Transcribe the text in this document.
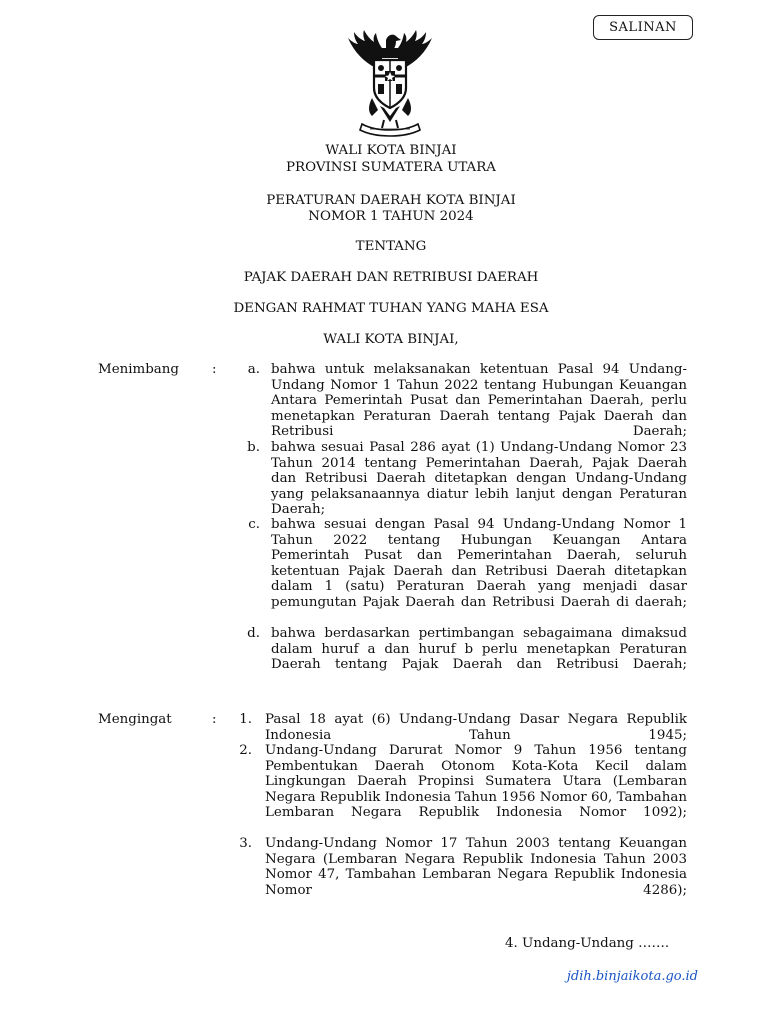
SALINAN
WALI KOTA BINJAI
PROVINSI SUMATERA UTARA
PERATURAN DAERAH KOTA BINJAI
NOMOR 1 TAHUN 2024
TENTANG
PAJAK DAERAH DAN RETRIBUSI DAERAH
DENGAN RAHMAT TUHAN YANG MAHA ESA
WALI KOTA BINJAI,
Menimbang :	a. bahwa untuk melaksanakan ketentuan Pasal 94 Undang-Undang Nomor 1 Tahun 2022 tentang Hubungan Keuangan Antara Pemerintah Pusat dan Pemerintahan Daerah, perlu menetapkan Peraturan Daerah tentang Pajak Daerah dan Retribusi Daerah;

b. bahwa sesuai Pasal 286 ayat (1) Undang-Undang Nomor 23 Tahun 2014 tentang Pemerintahan Daerah, Pajak Daerah dan Retribusi Daerah ditetapkan dengan Undang-Undang yang pelaksanaannya diatur lebih lanjut dengan Peraturan Daerah;

c. bahwa sesuai dengan Pasal 94 Undang-Undang Nomor 1 Tahun 2022 tentang Hubungan Keuangan Antara Pemerintah Pusat dan Pemerintahan Daerah, seluruh ketentuan Pajak Daerah dan Retribusi Daerah ditetapkan dalam 1 (satu) Peraturan Daerah yang menjadi dasar pemungutan Pajak Daerah dan Retribusi Daerah di daerah;

d. bahwa berdasarkan pertimbangan sebagaimana dimaksud dalam huruf a dan huruf b perlu menetapkan Peraturan Daerah tentang Pajak Daerah dan Retribusi Daerah;

Mengingat	:	1. Pasal 18 ayat (6) Undang-Undang Dasar Negara Republik Indonesia Tahun 1945;

2. Undang-Undang Darurat Nomor 9 Tahun 1956 tentang Pembentukan Daerah Otonom Kota-Kota Kecil dalam Lingkungan Daerah Propinsi Sumatera Utara (Lembaran Negara Republik Indonesia Tahun 1956 Nomor 60, Tambahan Lembaran Negara Republik Indonesia Nomor 1092);

3. Undang-Undang Nomor 17 Tahun 2003 tentang Keuangan Negara (Lembaran Negara Republik Indonesia Tahun 2003 Nomor 47, Tambahan Lembaran Negara Republik Indonesia Nomor 4286);

4. Undang-Undang …….
jdih.binjaikota.go.id
